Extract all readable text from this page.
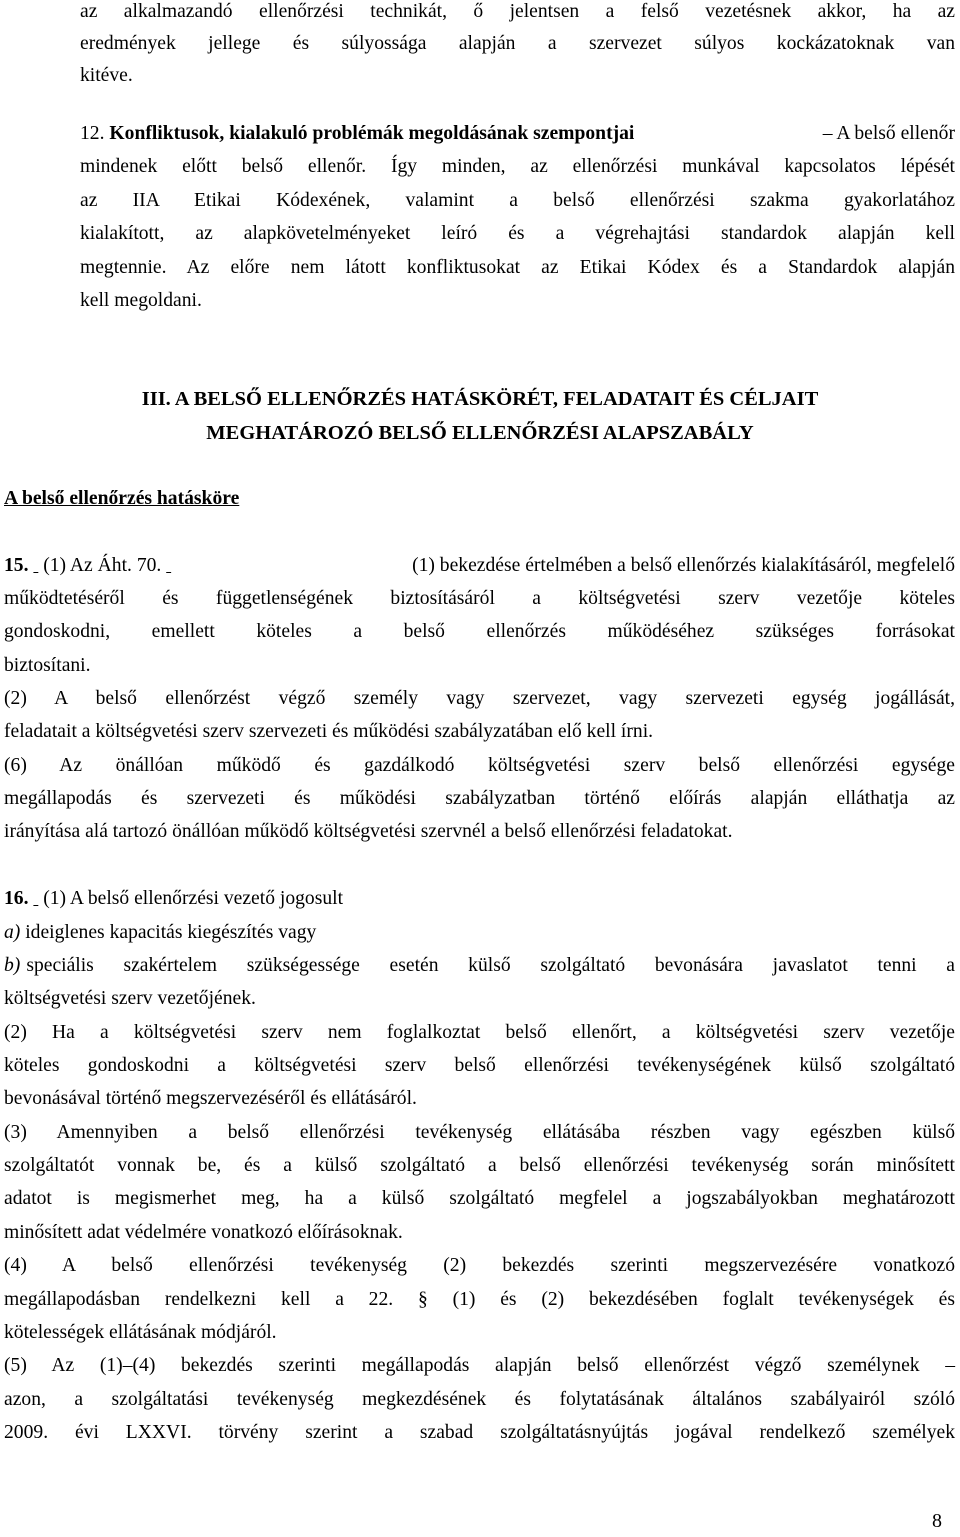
az alkalmazandó ellenőrzési technikát, ő jelentsen a felső vezetésnek akkor, ha az
eredmények jellege és súlyossága alapján a szervezet súlyos kockázatoknak van
kitéve.
12. Konfliktusok, kialakuló problémák megoldásának szempontjai	– A belső ellenőr
mindenek előtt belső ellenőr. Így minden, az ellenőrzési munkával kapcsolatos lépését
az IIA Etikai Kódexének, valamint a belső ellenőrzési szakma gyakorlatához
kialakított, az alapkövetelményeket leíró és a végrehajtási standardok alapján kell
megtennie. Az előre nem látott konfliktusokat az Etikai Kódex és a Standardok alapján
kell megoldani.
III. A BELSŐ ELLENŐRZÉS HATÁSKÖRÉT, FELADATAIT ÉS CÉLJAIT
MEGHATÁROZÓ BELSŐ ELLENŐRZÉSI ALAPSZABÁLY
A belső ellenőrzés hatásköre
15. (1) Az Áht. 70.	(1) bekezdése értelmében a belső ellenőrzés kialakításáról, megfelelő
működtetéséről és függetlenségének biztosításáról a költségvetési szerv vezetője köteles
gondoskodni, emellett köteles a belső ellenőrzés működéséhez szükséges forrásokat
biztosítani.
(2) A belső ellenőrzést végző személy vagy szervezet, vagy szervezeti egység jogállását,
feladatait a költségvetési szerv szervezeti és működési szabályzatában elő kell írni.
(6) Az önállóan működő és gazdálkodó költségvetési szerv belső ellenőrzési egysége
megállapodás és szervezeti és működési szabályzatban történő előírás alapján elláthatja az
irányítása alá tartozó önállóan működő költségvetési szervnél a belső ellenőrzési feladatokat.
16. (1) A belső ellenőrzési vezető jogosult
a) ideiglenes kapacitás kiegészítés vagy
b) speciális szakértelem szükségessége esetén külső szolgáltató bevonására javaslatot tenni a
költségvetési szerv vezetőjének.
(2) Ha a költségvetési szerv nem foglalkoztat belső ellenőrt, a költségvetési szerv vezetője
köteles gondoskodni a költségvetési szerv belső ellenőrzési tevékenységének külső szolgáltató
bevonásával történő megszervezéséről és ellátásáról.
(3) Amennyiben a belső ellenőrzési tevékenység ellátásába részben vagy egészben külső
szolgáltatót vonnak be, és a külső szolgáltató a belső ellenőrzési tevékenység során minősített
adatot is megismerhet meg, ha a külső szolgáltató megfelel a jogszabályokban meghatározott
minősített adat védelmére vonatkozó előírásoknak.
(4) A belső ellenőrzési tevékenység (2) bekezdés szerinti megszervezésére vonatkozó
megállapodásban rendelkezni kell a 22. § (1) és (2) bekezdésében foglalt tevékenységek és
kötelességek ellátásának módjáról.
(5) Az (1)–(4) bekezdés szerinti megállapodás alapján belső ellenőrzést végző személynek –
azon, a szolgáltatási tevékenység megkezdésének és folytatásának általános szabályairól szóló
2009. évi LXXVI. törvény szerint a szabad szolgáltatásnyújtás jogával rendelkező személyek
8
